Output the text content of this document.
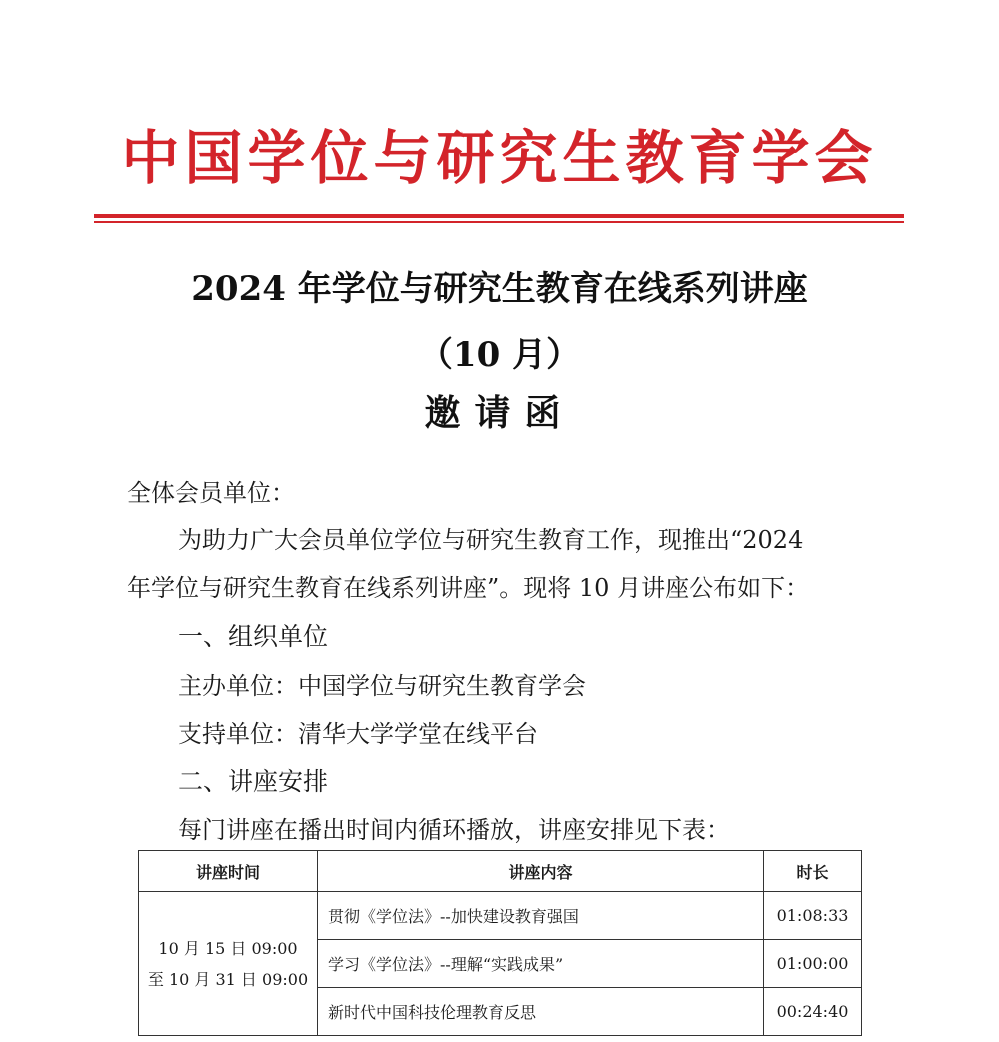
中国学位与研究生教育学会
2024 年学位与研究生教育在线系列讲座
（10 月）
邀请函
全体会员单位：
为助力广大会员单位学位与研究生教育工作，现推出“2024
年学位与研究生教育在线系列讲座”。现将 10 月讲座公布如下：
一、组织单位
主办单位：中国学位与研究生教育学会
支持单位：清华大学学堂在线平台
二、讲座安排
每门讲座在播出时间内循环播放，讲座安排见下表：
讲座时间	讲座内容	时长

10 月 15 日 09:00
至 10 月 31 日 09:00	贯彻《学位法》--加快建设教育强国	01:08:33
	学习《学位法》--理解“实践成果”	01:00:00
	新时代中国科技伦理教育反思	00:24:40
